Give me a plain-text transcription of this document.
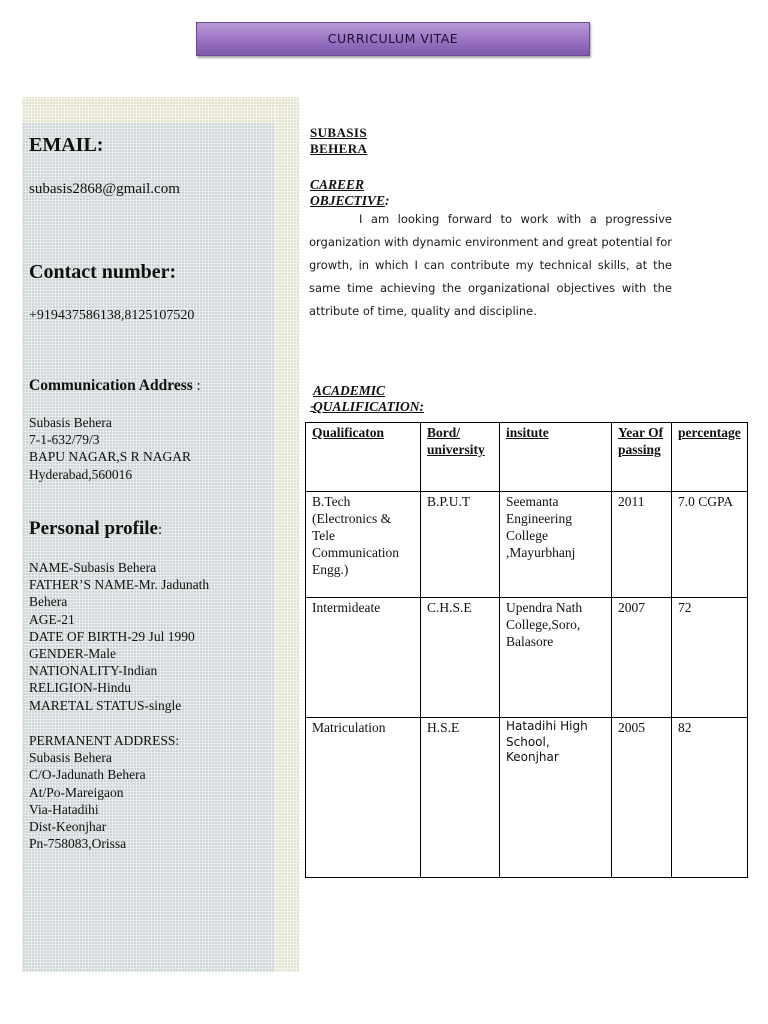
CURRICULUM VITAE
EMAIL:
subasis2868@gmail.com
Contact number:
+919437586138,8125107520
Communication Address :
Subasis Behera
7-1-632/79/3
BAPU NAGAR,S R NAGAR
Hyderabad,560016
Personal profile:
NAME-Subasis Behera
FATHER’S NAME-Mr. Jadunath
Behera
AGE-21
DATE OF BIRTH-29 Jul 1990
GENDER-Male
NATIONALITY-Indian
RELIGION-Hindu
MARETAL STATUS-single
PERMANENT ADDRESS:
Subasis Behera
C/O-Jadunath Behera
At/Po-Mareigaon
Via-Hatadihi
Dist-Keonjhar
Pn-758083,Orissa
SUBASIS BEHERA
CAREER OBJECTIVE:
I am looking forward to work with a progressive organization with dynamic environment and great potential for growth, in which I can contribute my technical skills, at the same time achieving the organizational objectives with the attribute of time, quality and discipline.
ACADEMIC QUALIFICATION:
-
Qualificaton	Bord/ university	insitute	Year Of passing	percentage
B.Tech (Electronics & Tele Communication Engg.)	B.P.U.T	Seemanta Engineering College ,Mayurbhanj	2011	7.0 CGPA
Intermideate	C.H.S.E	Upendra Nath College,Soro, Balasore	2007	72
Matriculation	H.S.E	Hatadihi High School, Keonjhar	2005	82
